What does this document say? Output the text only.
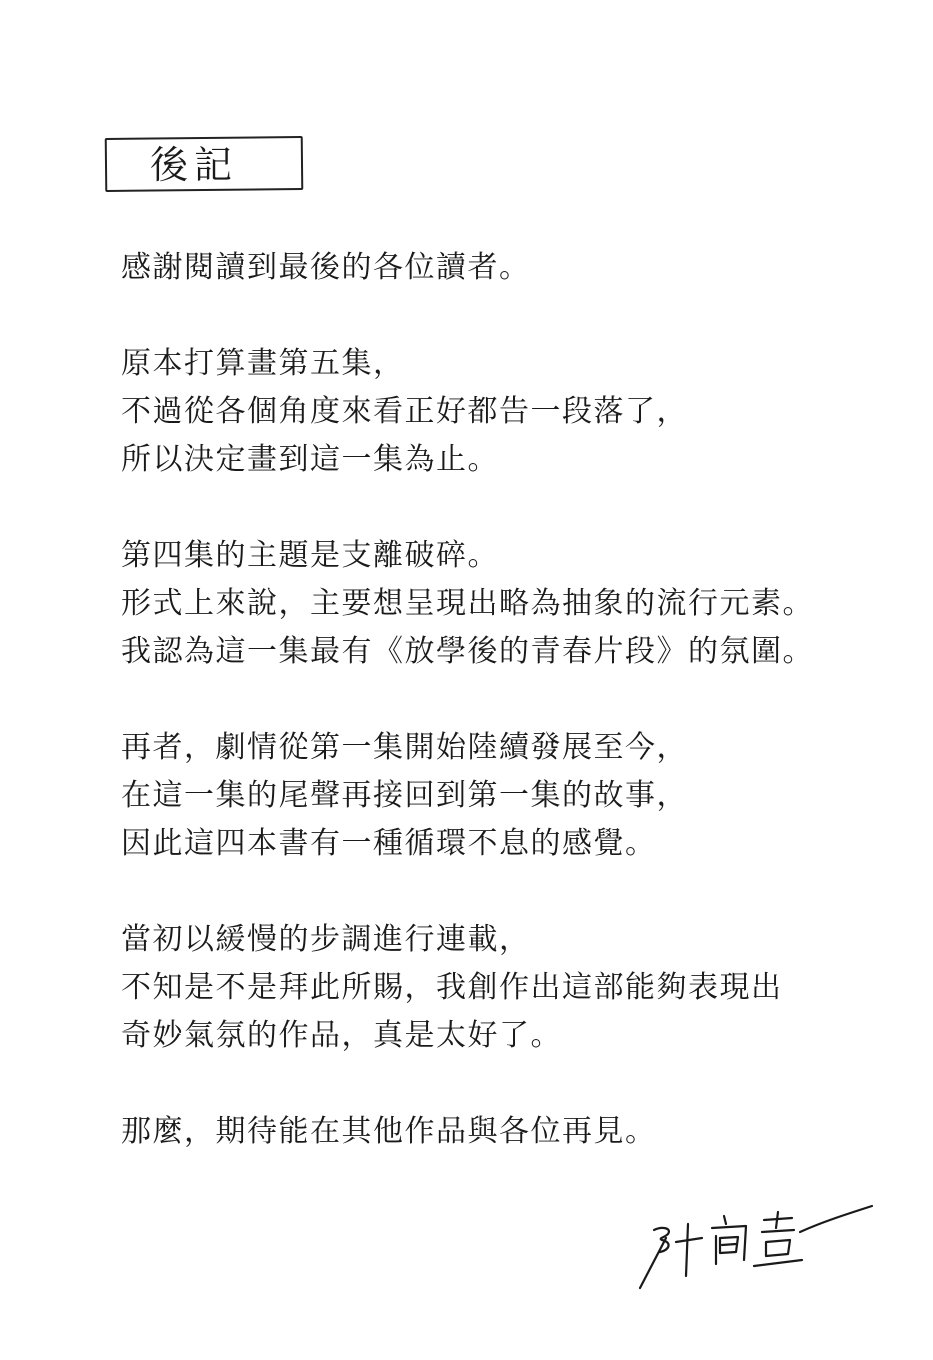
後記
感謝閱讀到最後的各位讀者。
原本打算畫第五集，
不過從各個角度來看正好都告一段落了，
所以決定畫到這一集為止。
第四集的主題是支離破碎。
形式上來說，主要想呈現出略為抽象的流行元素。
我認為這一集最有《放學後的青春片段》的氛圍。
再者，劇情從第一集開始陸續發展至今，
在這一集的尾聲再接回到第一集的故事，
因此這四本書有一種循環不息的感覺。
當初以緩慢的步調進行連載，
不知是不是拜此所賜，我創作出這部能夠表現出
奇妙氣氛的作品，真是太好了。
那麼，期待能在其他作品與各位再見。
